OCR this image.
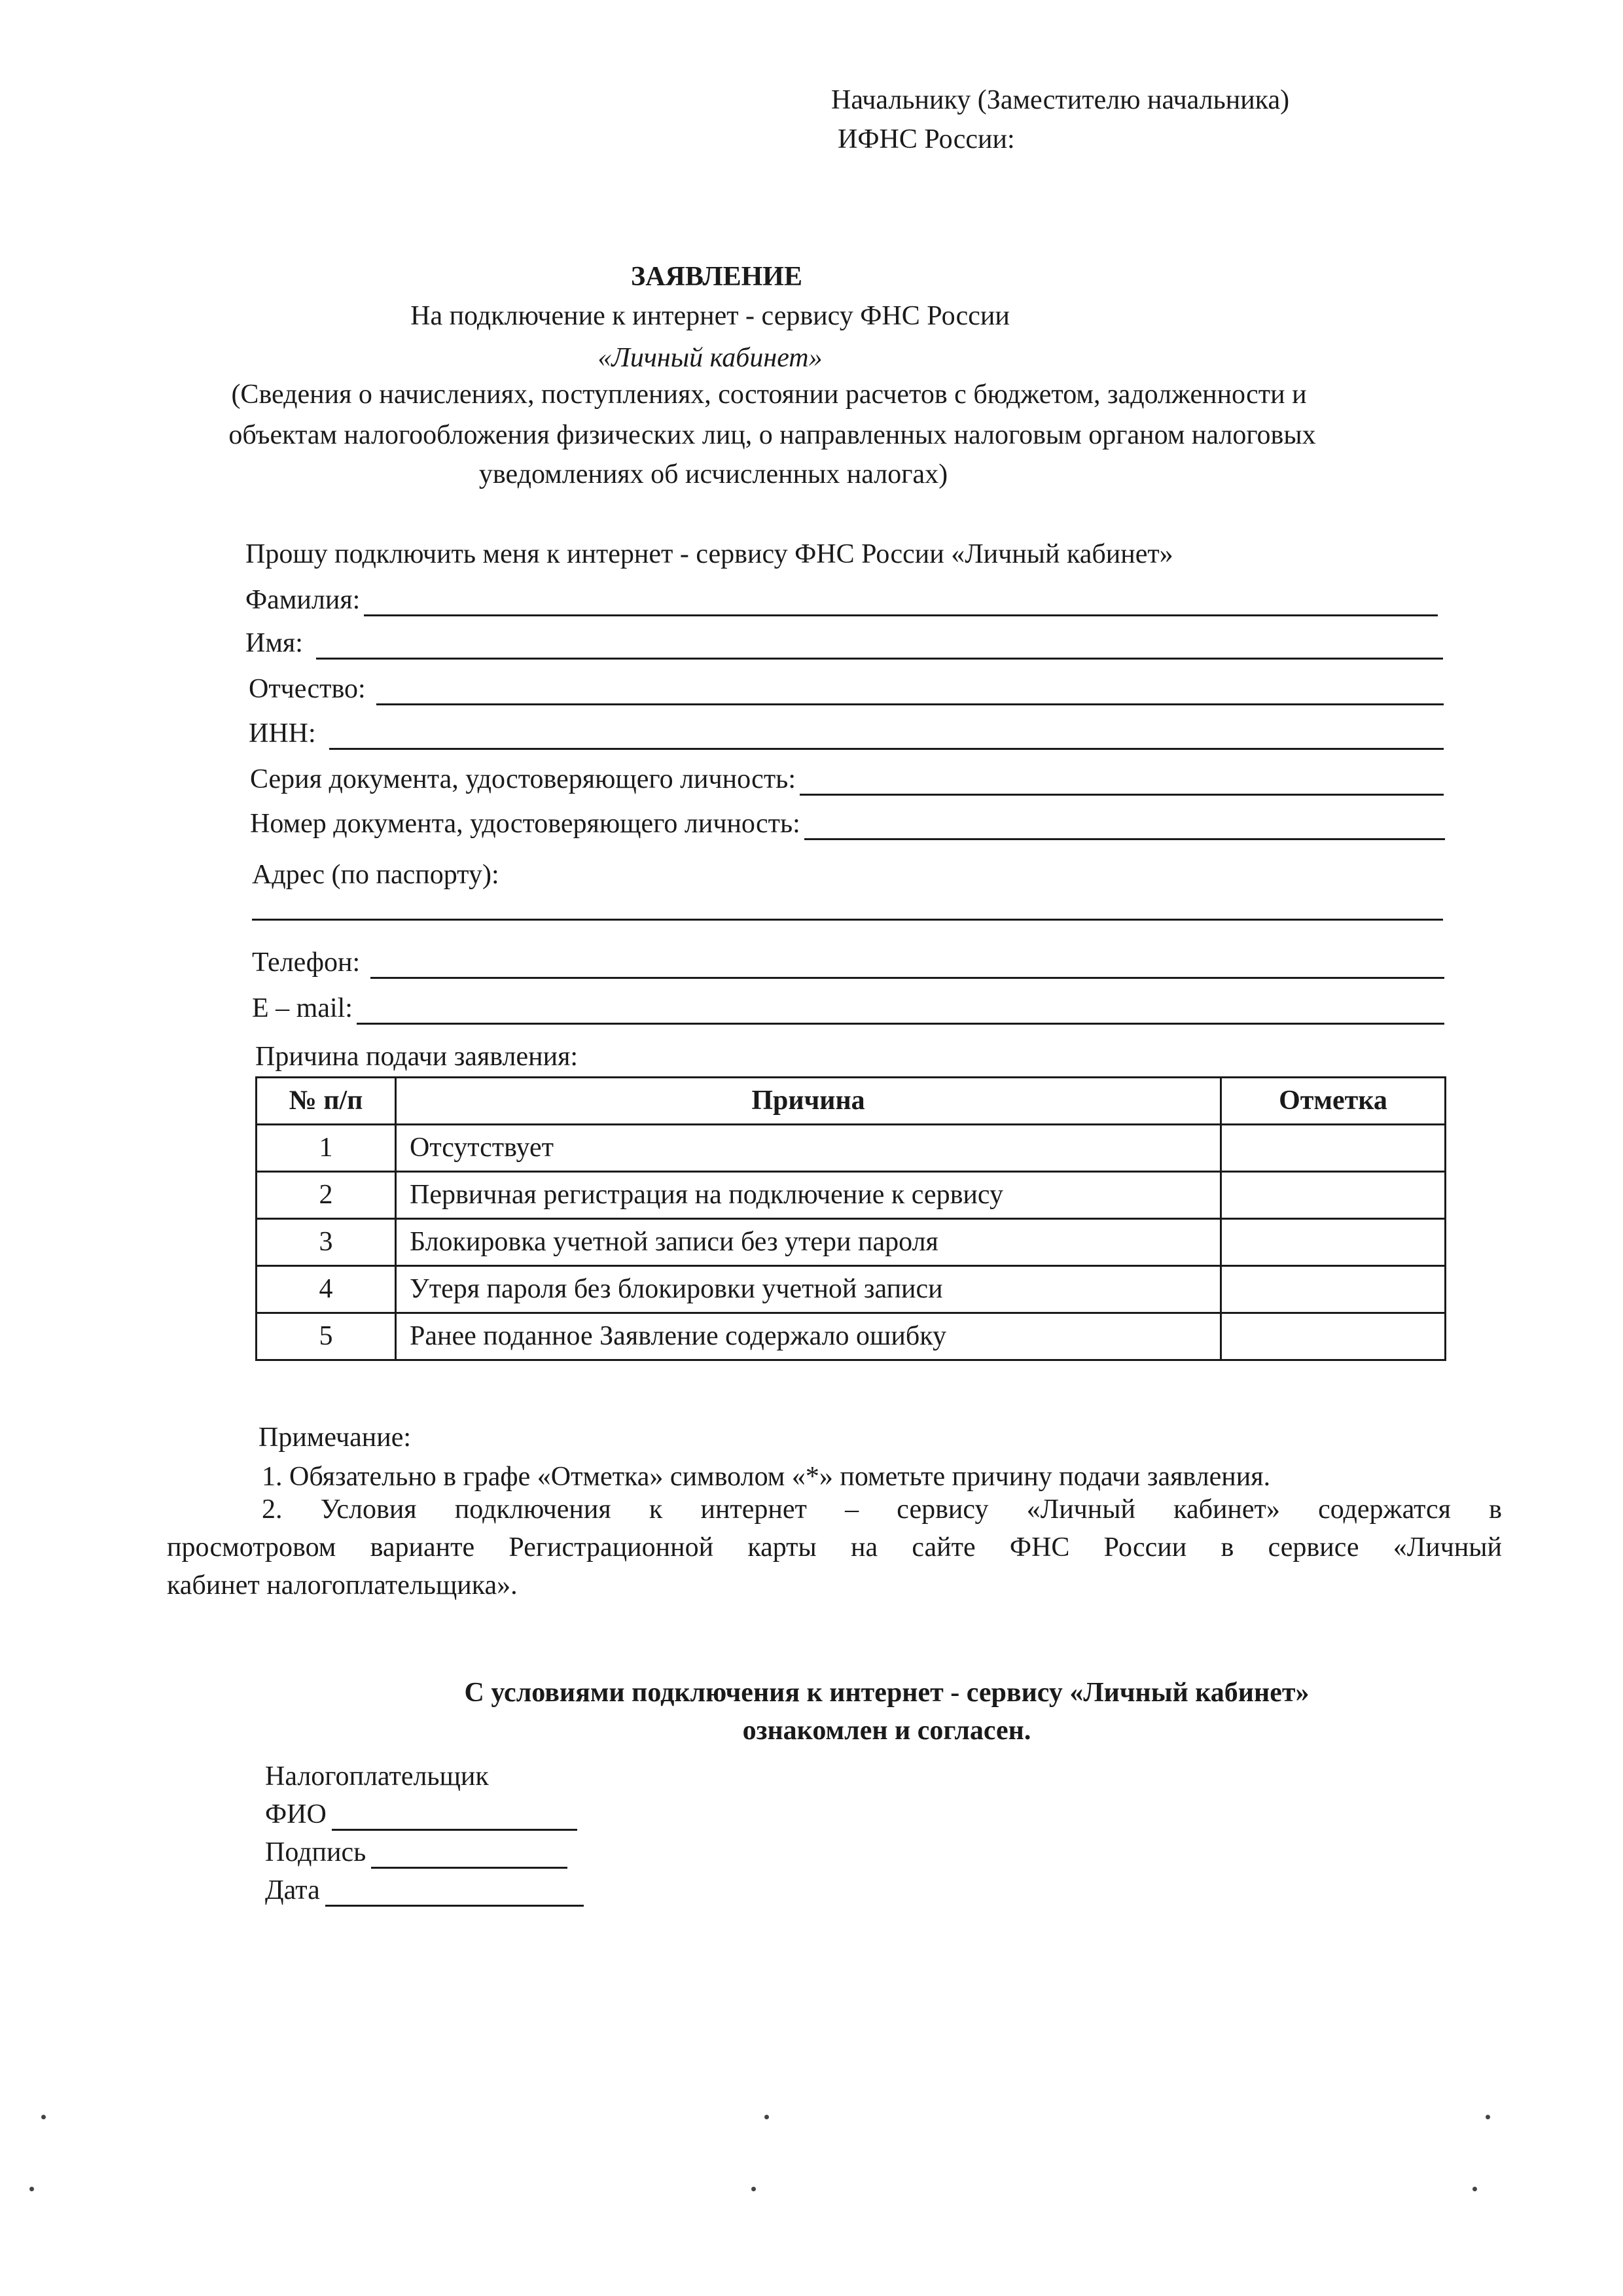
Начальнику (Заместителю начальника)
ИФНС России:
ЗАЯВЛЕНИЕ
На подключение к интернет - сервису ФНС России
«Личный кабинет»
(Сведения о начислениях, поступлениях, состоянии расчетов с бюджетом, задолженности и
объектам налогообложения физических лиц, о направленных налоговым органом налоговых
уведомлениях об исчисленных налогах)
Прошу подключить меня к интернет - сервису ФНС России «Личный кабинет»
Фамилия:
Имя:
Отчество:
ИНН:
Серия документа, удостоверяющего личность:
Номер документа, удостоверяющего личность:
Адрес (по паспорту):
Телефон:
E – mail:
Причина подачи заявления:
№ п/п	Причина	Отметка
1	Отсутствует	
2	Первичная регистрация на подключение к сервису	
3	Блокировка учетной записи без утери пароля	
4	Утеря пароля без блокировки учетной записи	
5	Ранее поданное Заявление содержало ошибку	
Примечание:
1. Обязательно в графе «Отметка» символом «*» пометьте причину подачи заявления.
2. Условия подключения к интернет – сервису «Личный кабинет» содержатся в
просмотровом варианте Регистрационной карты на сайте ФНС России в сервисе «Личный
кабинет налогоплательщика».
С условиями подключения к интернет - сервису «Личный кабинет»
ознакомлен и согласен.
Налогоплательщик
ФИО
Подпись
Дата
